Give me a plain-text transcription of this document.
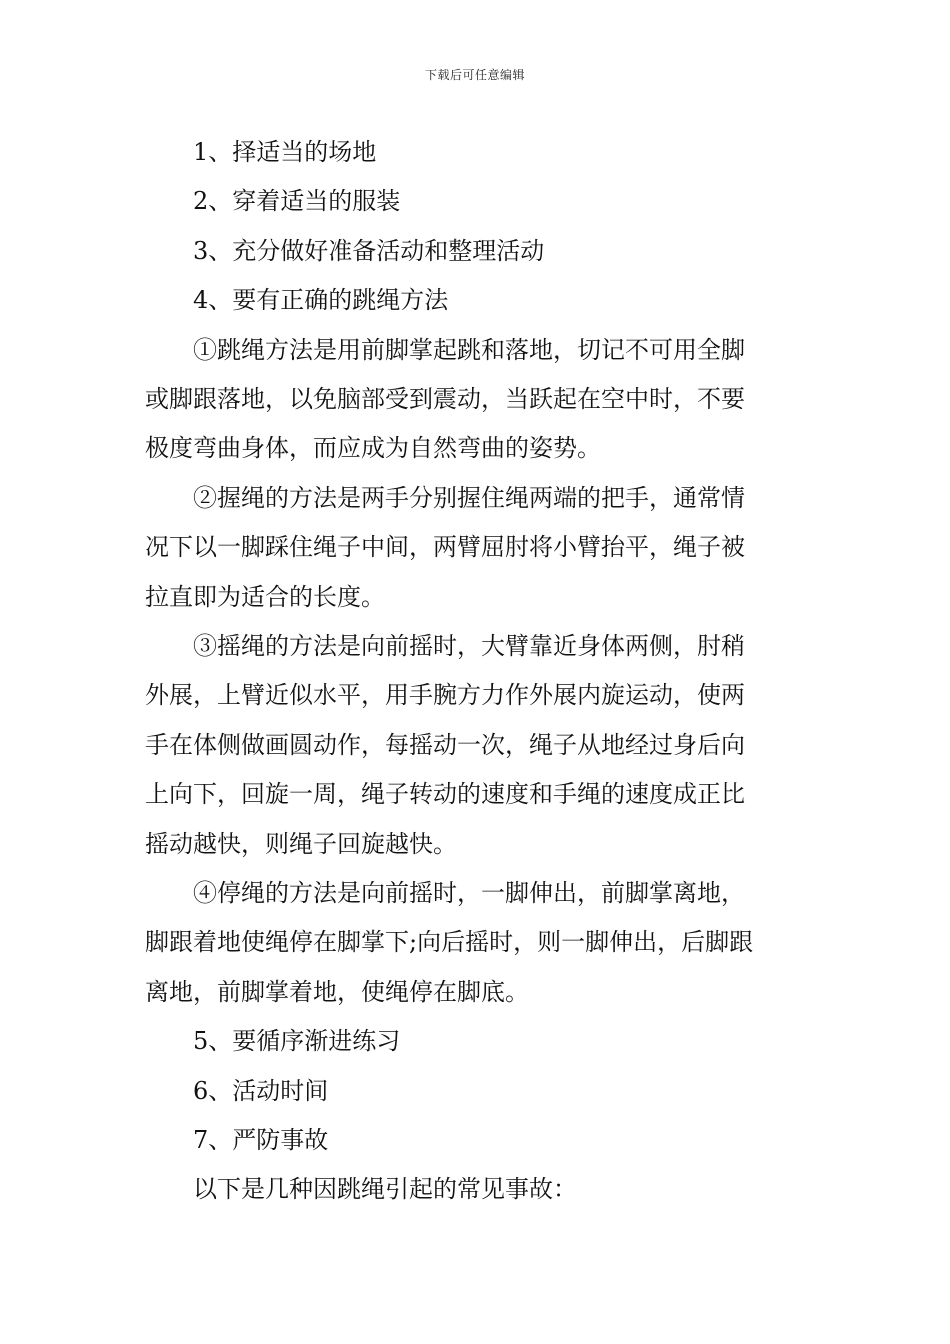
下载后可任意编辑

1、择适当的场地

2、穿着适当的服装

3、充分做好准备活动和整理活动

4、要有正确的跳绳方法

①跳绳方法是用前脚掌起跳和落地，切记不可用全脚
或脚跟落地，以免脑部受到震动，当跃起在空中时，不要
极度弯曲身体，而应成为自然弯曲的姿势。
②握绳的方法是两手分别握住绳两端的把手，通常情
况下以一脚踩住绳子中间，两臂屈肘将小臂抬平，绳子被
拉直即为适合的长度。
③摇绳的方法是向前摇时，大臂靠近身体两侧，肘稍
外展，上臂近似水平，用手腕方力作外展内旋运动，使两
手在体侧做画圆动作，每摇动一次，绳子从地经过身后向
上向下，回旋一周，绳子转动的速度和手绳的速度成正比
摇动越快，则绳子回旋越快。
④停绳的方法是向前摇时，一脚伸出，前脚掌离地，
脚跟着地使绳停在脚掌下;向后摇时，则一脚伸出，后脚跟
离地，前脚掌着地，使绳停在脚底。

5、要循序渐进练习

6、活动时间

7、严防事故

以下是几种因跳绳引起的常见事故：
